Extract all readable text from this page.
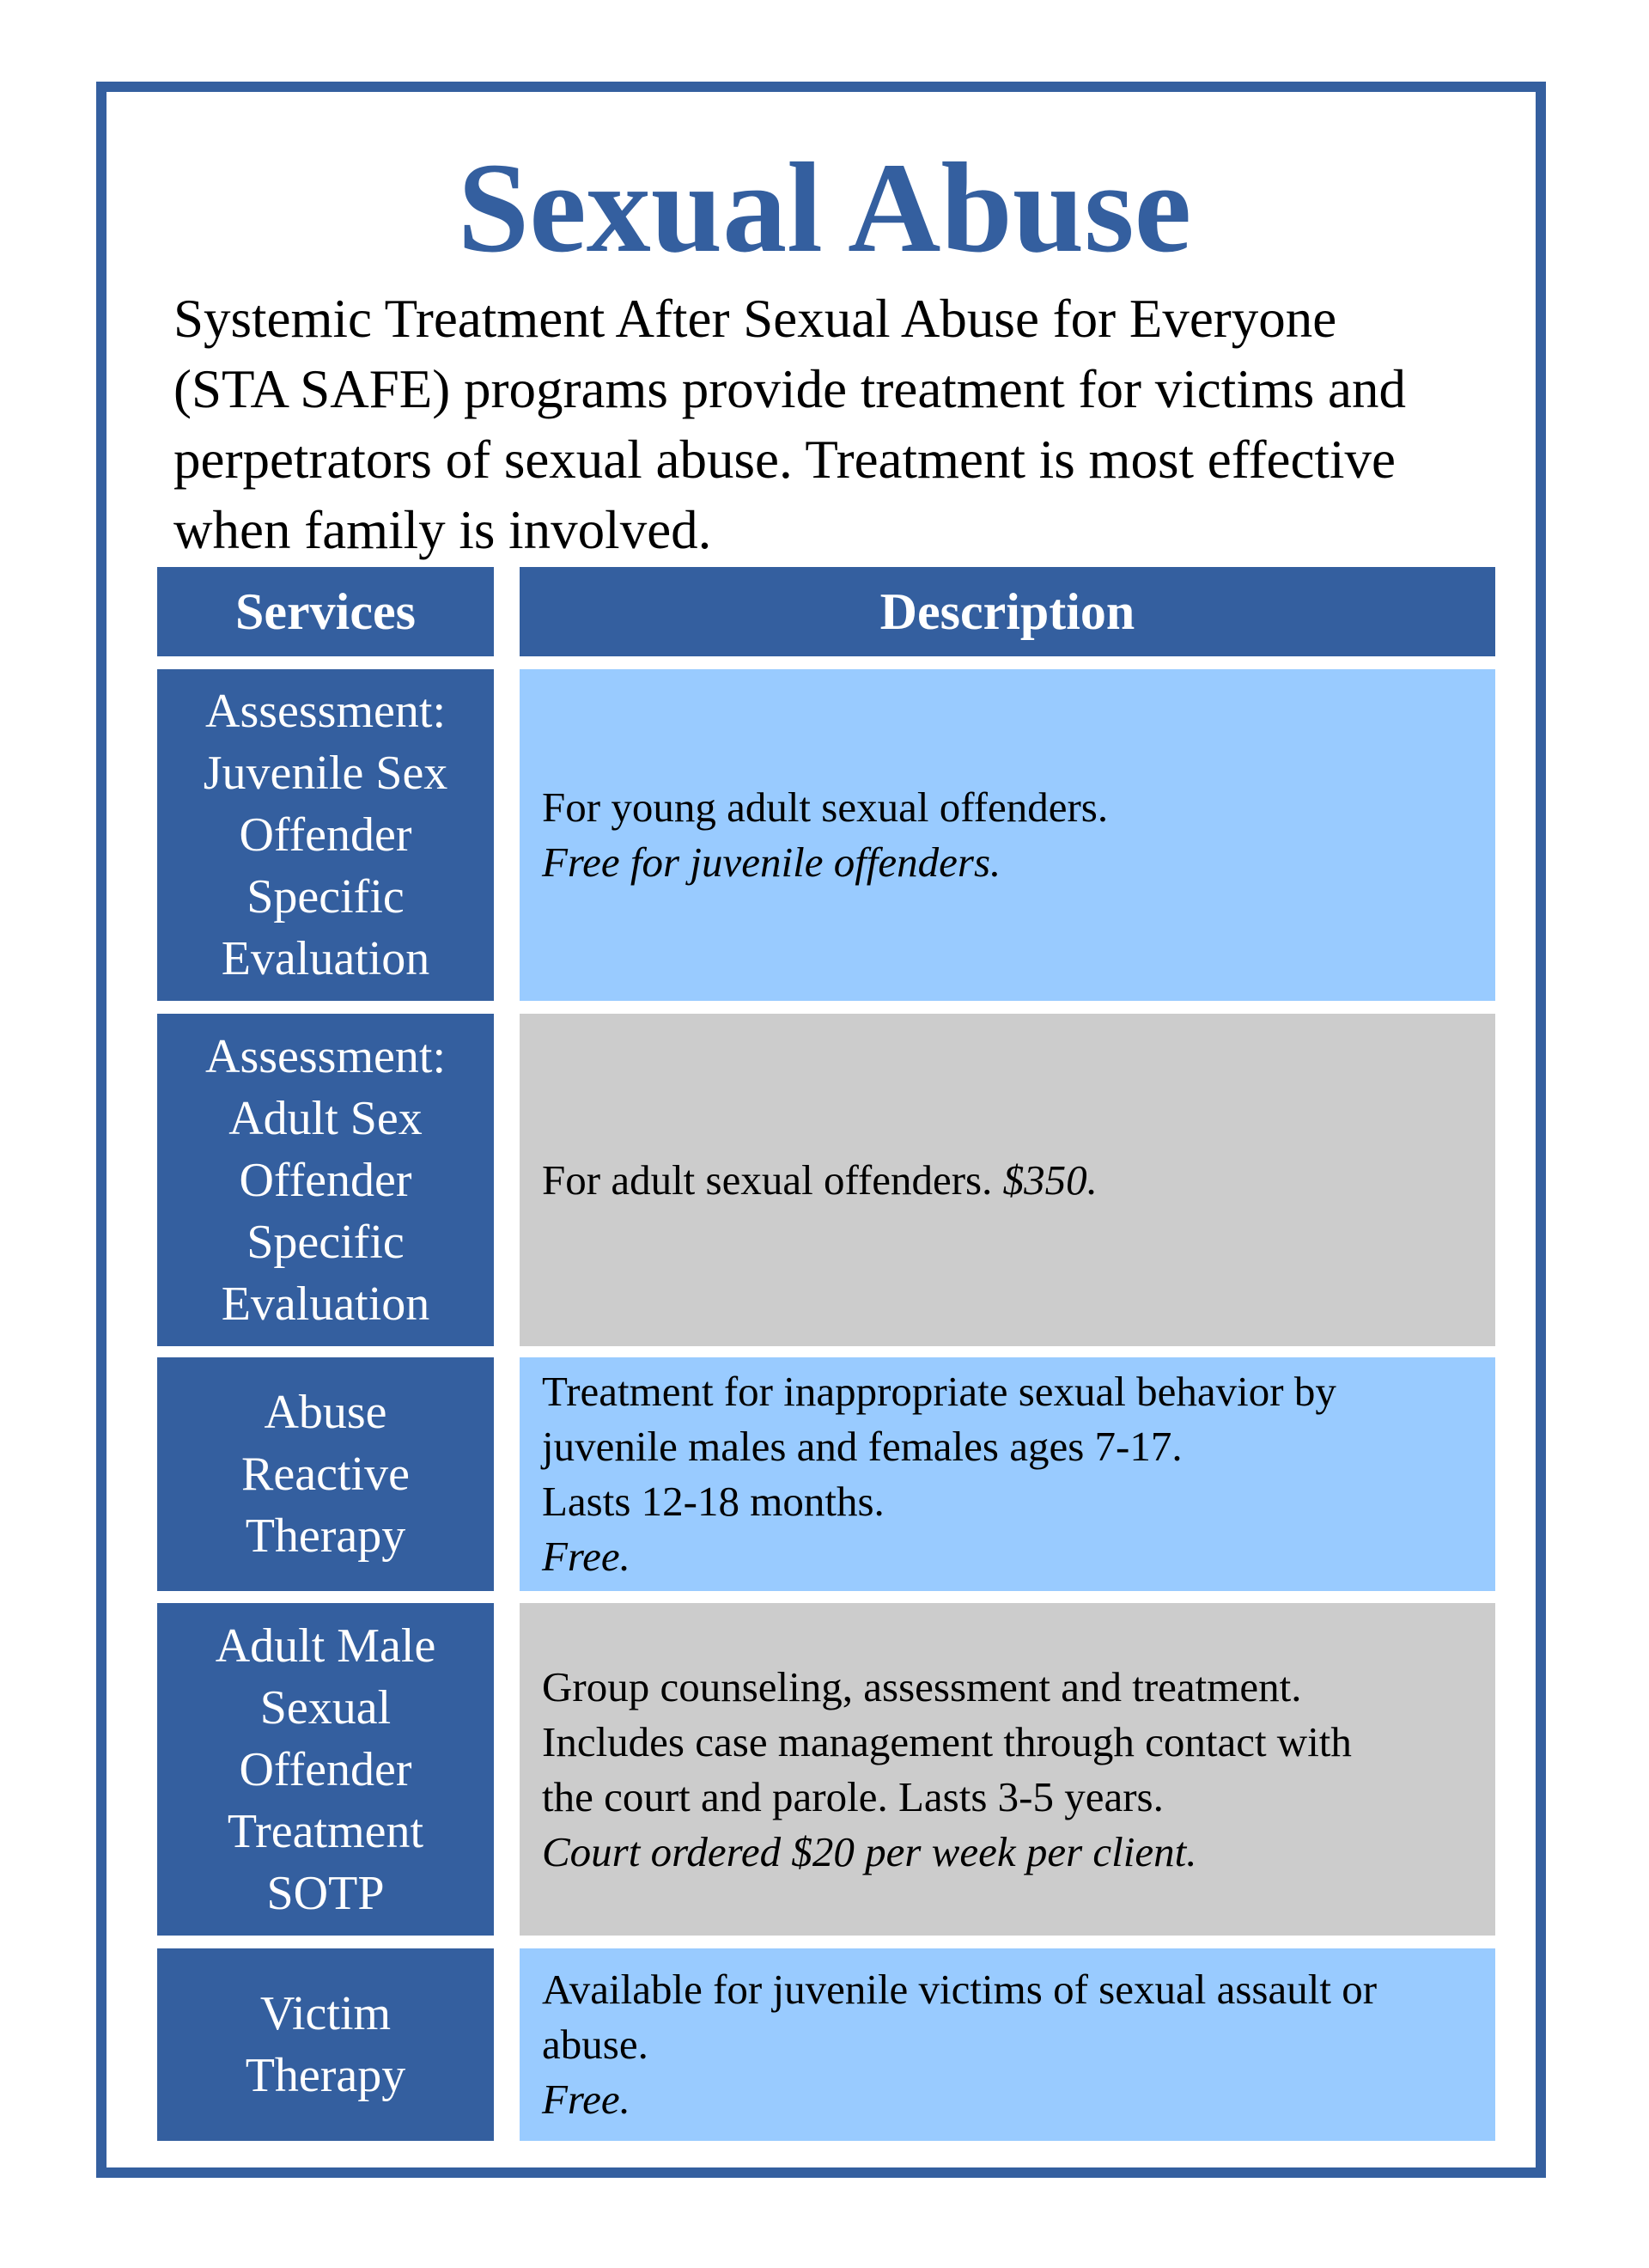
Sexual Abuse

Systemic Treatment After Sexual Abuse for Everyone
(STA SAFE) programs provide treatment for victims and
perpetrators of sexual abuse. Treatment is most effective
when family is involved.

Services	Description
Assessment:
Juvenile Sex
Offender
Specific
Evaluation
For young adult sexual offenders.
Free for juvenile offenders.
Assessment:
Adult Sex
Offender
Specific
Evaluation
For adult sexual offenders. $350.
Abuse
Reactive
Therapy
Treatment for inappropriate sexual behavior by
juvenile males and females ages 7-17.
Lasts 12-18 months.
Free.
Adult Male
Sexual
Offender
Treatment
SOTP
Group counseling, assessment and treatment.
Includes case management through contact with
the court and parole. Lasts 3-5 years.
Court ordered $20 per week per client.
Victim
Therapy
Available for juvenile victims of sexual assault or
abuse.
Free.
